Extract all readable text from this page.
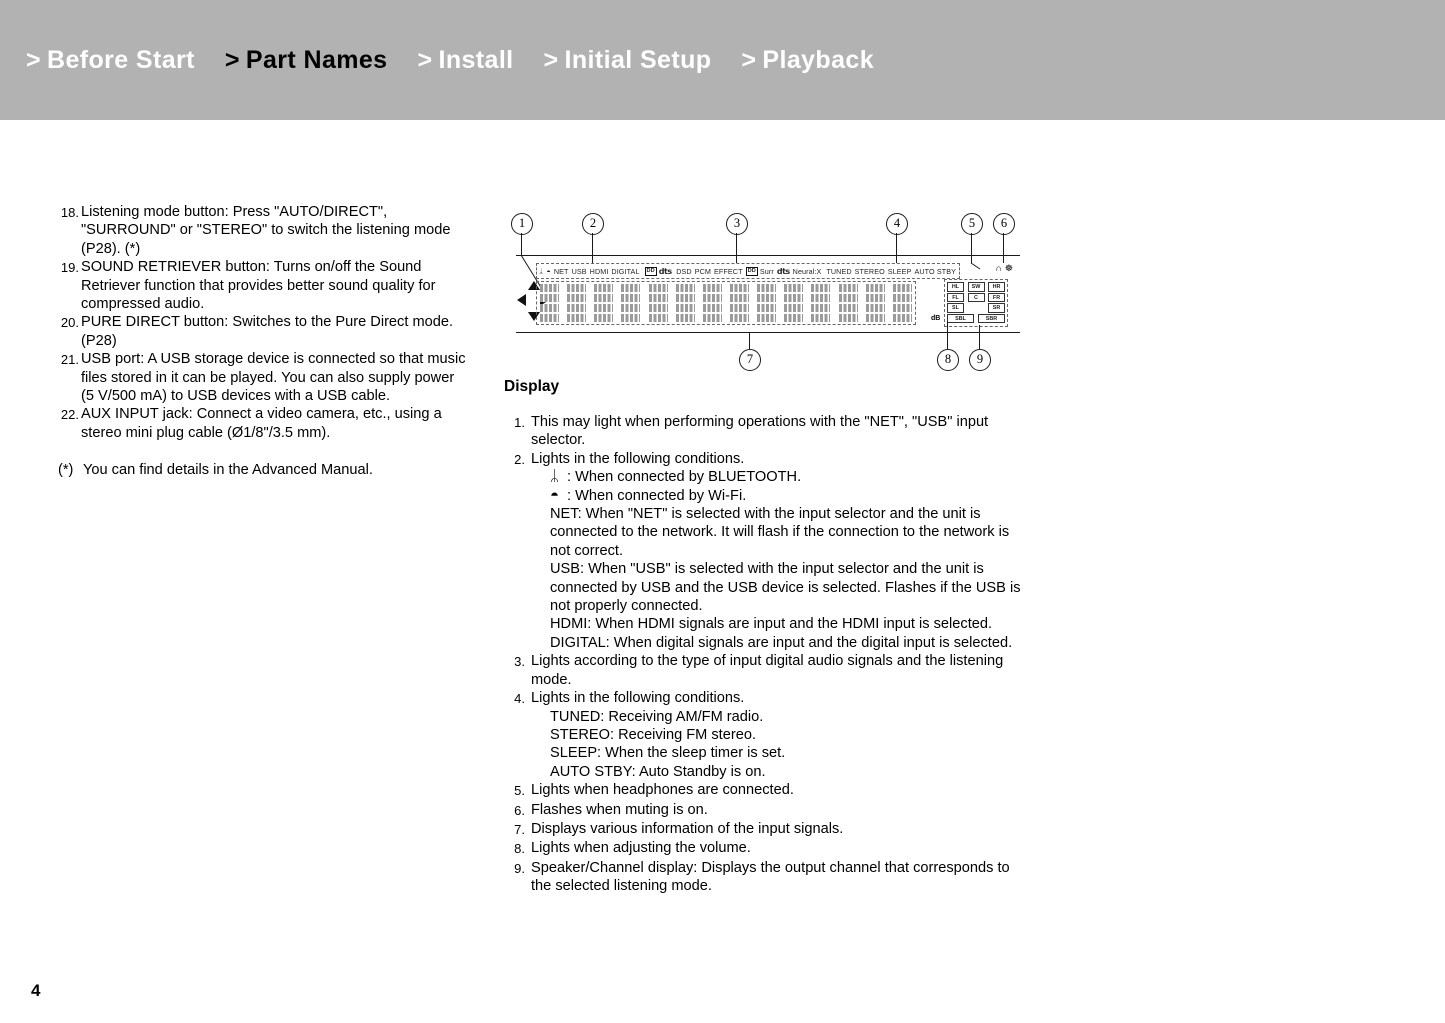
> Before Start > Part Names > Install > Initial Setup > Playback
18. Listening mode button: Press "AUTO/DIRECT", "SURROUND" or "STEREO" to switch the listening mode (P28). (*)
19. SOUND RETRIEVER button: Turns on/off the Sound Retriever function that provides better sound quality for compressed audio.
20. PURE DIRECT button: Switches to the Pure Direct mode. (P28)
21. USB port: A USB storage device is connected so that music files stored in it can be played. You can also supply power (5 V/500 mA) to USB devices with a USB cable.
22. AUX INPUT jack: Connect a video camera, etc., using a stereo mini plug cable (Ø1/8"/3.5 mm).
(*) You can find details in the Advanced Manual.
1	2	3	4	5	6
ᛦ ◓ NET USB HDMI DIGITAL	DD dts DSD PCM EFFECT DD Surr dts Neural:X TUNED STEREO SLEEP AUTO STBY	∩☸
dB
HL	SW	HR
FL	C	FR
SL	SR
SBL	SBR
7	8	9
Display
1. This may light when performing operations with the "NET", "USB" input selector.
2. Lights in the following conditions.
ᛦ : When connected by BLUETOOTH.
◓ : When connected by Wi-Fi.
NET: When "NET" is selected with the input selector and the unit is connected to the network. It will flash if the connection to the network is not correct.
USB: When "USB" is selected with the input selector and the unit is connected by USB and the USB device is selected. Flashes if the USB is not properly connected.
HDMI: When HDMI signals are input and the HDMI input is selected.
DIGITAL: When digital signals are input and the digital input is selected.
3. Lights according to the type of input digital audio signals and the listening mode.
4. Lights in the following conditions.
TUNED: Receiving AM/FM radio.
STEREO: Receiving FM stereo.
SLEEP: When the sleep timer is set.
AUTO STBY: Auto Standby is on.
5. Lights when headphones are connected.
6. Flashes when muting is on.
7. Displays various information of the input signals.
8. Lights when adjusting the volume.
9. Speaker/Channel display: Displays the output channel that corresponds to the selected listening mode.
4
